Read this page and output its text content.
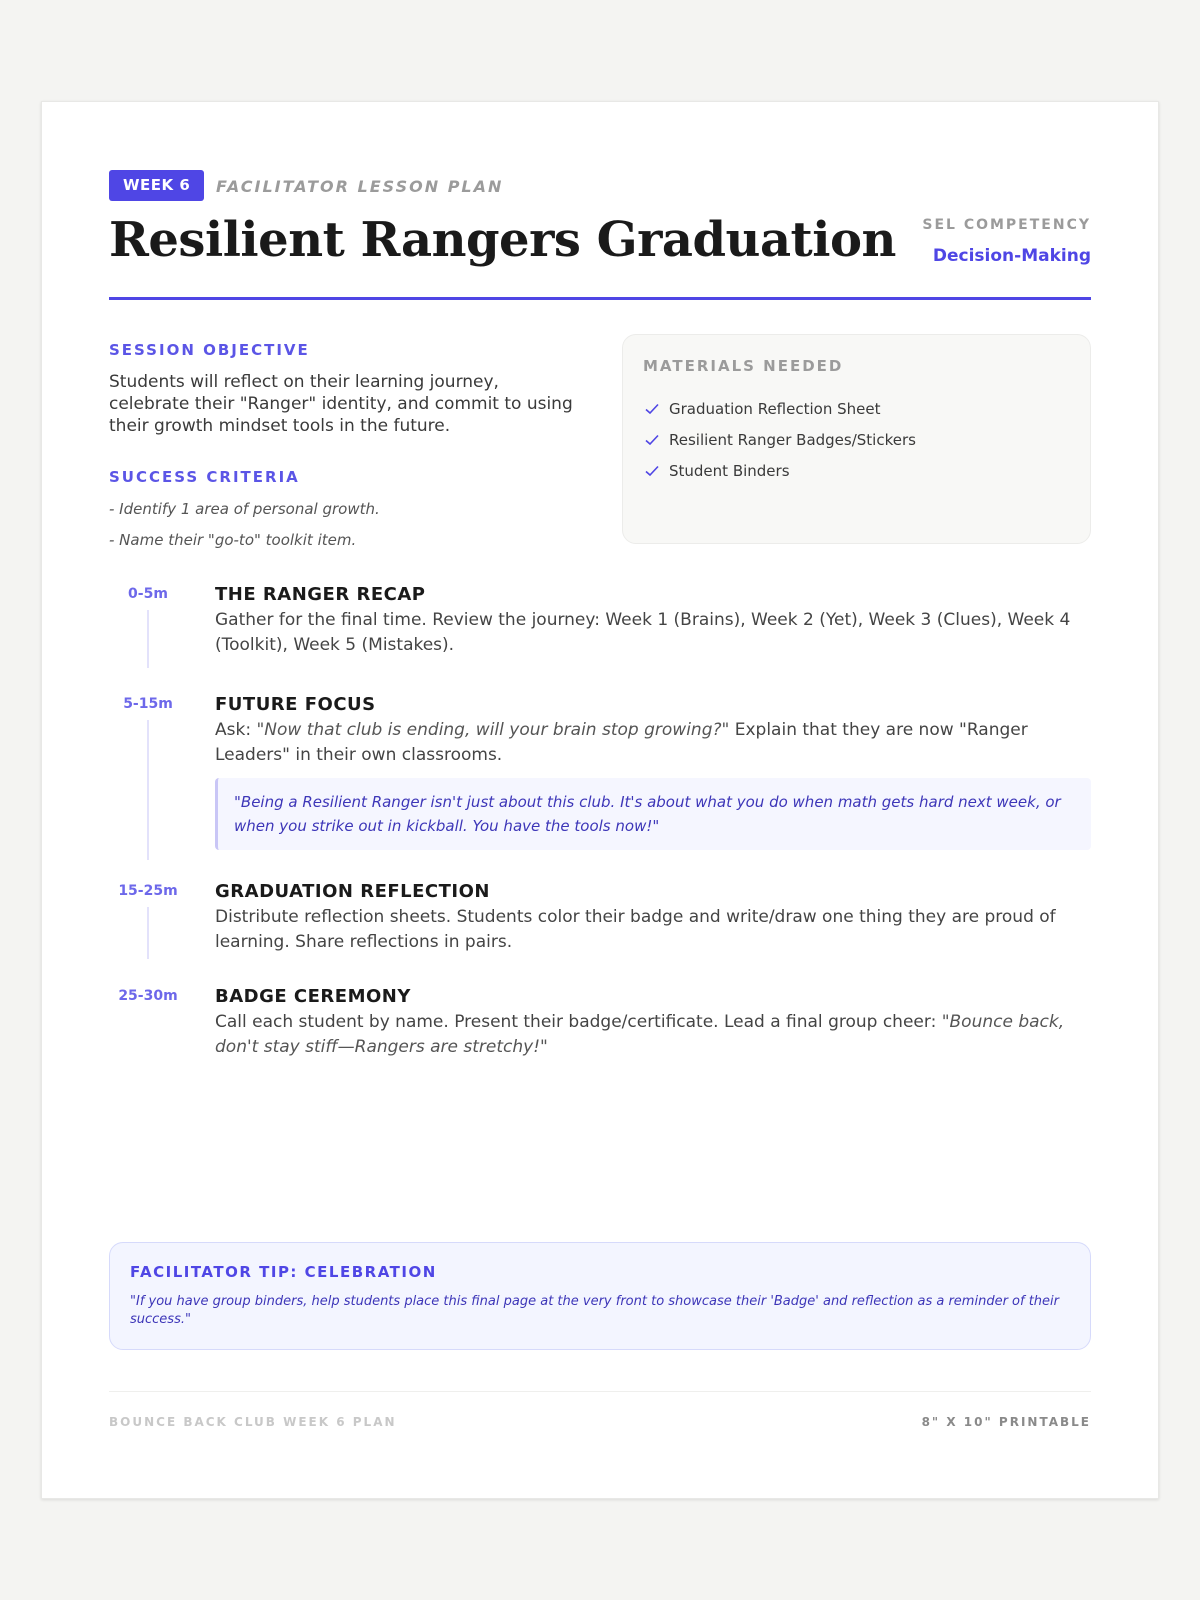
WEEK 6	FACILITATOR LESSON PLAN
Resilient Rangers Graduation SEL COMPETENCY
Decision-Making
SESSION OBJECTIVE
Students will reflect on their learning journey, celebrate their "Ranger" identity, and commit to using their growth mindset tools in the future.
SUCCESS CRITERIA
- Identify 1 area of personal growth.
- Name their "go-to" toolkit item.
MATERIALS NEEDED
Graduation Reflection Sheet
Resilient Ranger Badges/Stickers
Student Binders
0-5m	THE RANGER RECAP
Gather for the final time. Review the journey: Week 1 (Brains), Week 2 (Yet), Week 3 (Clues), Week 4 (Toolkit), Week 5 (Mistakes).
5-15m	FUTURE FOCUS
Ask: "Now that club is ending, will your brain stop growing?" Explain that they are now "Ranger Leaders" in their own classrooms.
"Being a Resilient Ranger isn't just about this club. It's about what you do when math gets hard next week, or when you strike out in kickball. You have the tools now!"
15-25m	GRADUATION REFLECTION
Distribute reflection sheets. Students color their badge and write/draw one thing they are proud of learning. Share reflections in pairs.
25-30m	BADGE CEREMONY
Call each student by name. Present their badge/certificate. Lead a final group cheer: "Bounce back, don't stay stiff—Rangers are stretchy!"
FACILITATOR TIP: CELEBRATION
"If you have group binders, help students place this final page at the very front to showcase their 'Badge' and reflection as a reminder of their success."
BOUNCE BACK CLUB WEEK 6 PLAN	8" X 10" PRINTABLE
